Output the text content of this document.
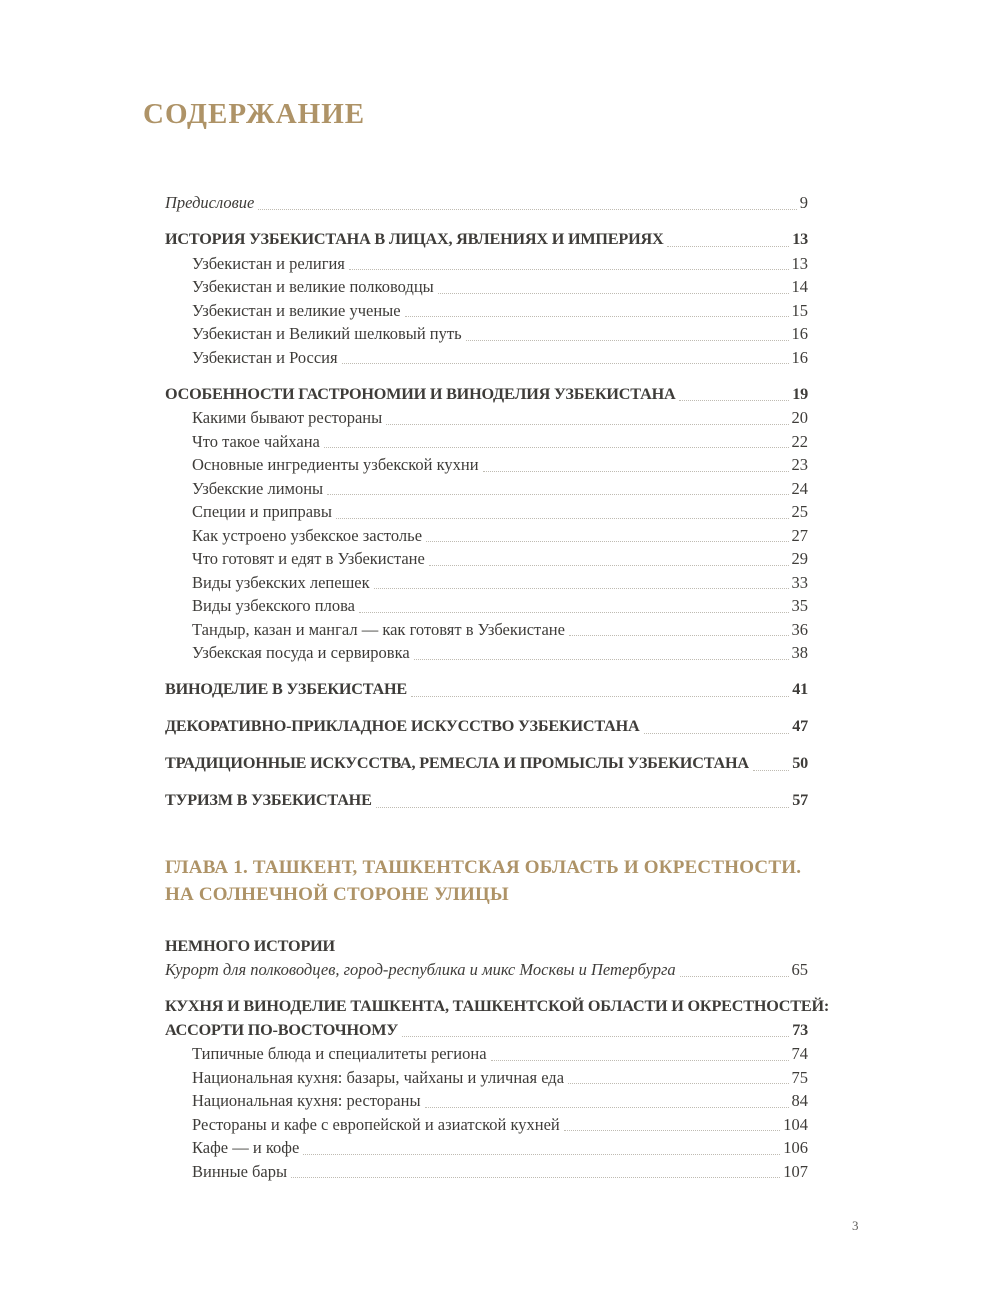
СОДЕРЖАНИЕ
Предисловие	9
ИСТОРИЯ УЗБЕКИСТАНА В ЛИЦАХ, ЯВЛЕНИЯХ И ИМПЕРИЯХ	13
Узбекистан и религия	13
Узбекистан и великие полководцы	14
Узбекистан и великие ученые	15
Узбекистан и Великий шелковый путь	16
Узбекистан и Россия	16
ОСОБЕННОСТИ ГАСТРОНОМИИ И ВИНОДЕЛИЯ УЗБЕКИСТАНА	19
Какими бывают рестораны	20
Что такое чайхана	22
Основные ингредиенты узбекской кухни	23
Узбекские лимоны	24
Специи и приправы	25
Как устроено узбекское застолье	27
Что готовят и едят в Узбекистане	29
Виды узбекских лепешек	33
Виды узбекского плова	35
Тандыр, казан и мангал — как готовят в Узбекистане	36
Узбекская посуда и сервировка	38
ВИНОДЕЛИЕ В УЗБЕКИСТАНЕ	41
ДЕКОРАТИВНО-ПРИКЛАДНОЕ ИСКУССТВО УЗБЕКИСТАНА	47
ТРАДИЦИОННЫЕ ИСКУССТВА, РЕМЕСЛА И ПРОМЫСЛЫ УЗБЕКИСТАНА	50
ТУРИЗМ В УЗБЕКИСТАНЕ	57
ГЛАВА 1. ТАШКЕНТ, ТАШКЕНТСКАЯ ОБЛАСТЬ И ОКРЕСТНОСТИ.
НА СОЛНЕЧНОЙ СТОРОНЕ УЛИЦЫ
НЕМНОГО ИСТОРИИ
Курорт для полководцев, город-республика и микс Москвы и Петербурга	65
КУХНЯ И ВИНОДЕЛИЕ ТАШКЕНТА, ТАШКЕНТСКОЙ ОБЛАСТИ И ОКРЕСТНОСТЕЙ:
АССОРТИ ПО-ВОСТОЧНОМУ	73
Типичные блюда и специалитеты региона	74
Национальная кухня: базары, чайханы и уличная еда	75
Национальная кухня: рестораны	84
Рестораны и кафе с европейской и азиатской кухней	104
Кафе — и кофе	106
Винные бары	107
3
